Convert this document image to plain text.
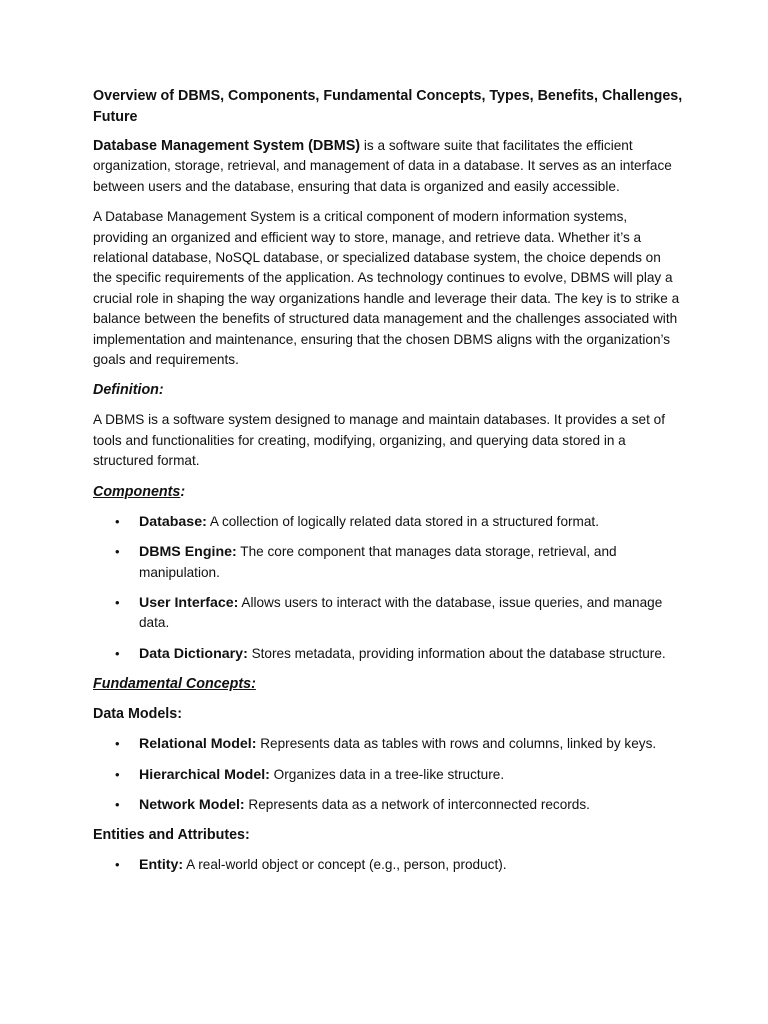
Overview of DBMS, Components, Fundamental Concepts, Types, Benefits, Challenges, Future

Database Management System (DBMS) is a software suite that facilitates the efficient organization, storage, retrieval, and management of data in a database. It serves as an interface between users and the database, ensuring that data is organized and easily accessible.

A Database Management System is a critical component of modern information systems, providing an organized and efficient way to store, manage, and retrieve data. Whether it’s a relational database, NoSQL database, or specialized database system, the choice depends on the specific requirements of the application. As technology continues to evolve, DBMS will play a crucial role in shaping the way organizations handle and leverage their data. The key is to strike a balance between the benefits of structured data management and the challenges associated with implementation and maintenance, ensuring that the chosen DBMS aligns with the organization’s goals and requirements.

Definition:

A DBMS is a software system designed to manage and maintain databases. It provides a set of tools and functionalities for creating, modifying, organizing, and querying data stored in a structured format.

Components:
• Database: A collection of logically related data stored in a structured format.
• DBMS Engine: The core component that manages data storage, retrieval, and manipulation.
• User Interface: Allows users to interact with the database, issue queries, and manage data.
• Data Dictionary: Stores metadata, providing information about the database structure.
Fundamental Concepts:
Data Models:
• Relational Model: Represents data as tables with rows and columns, linked by keys.
• Hierarchical Model: Organizes data in a tree-like structure.
• Network Model: Represents data as a network of interconnected records.
Entities and Attributes:
• Entity: A real-world object or concept (e.g., person, product).
